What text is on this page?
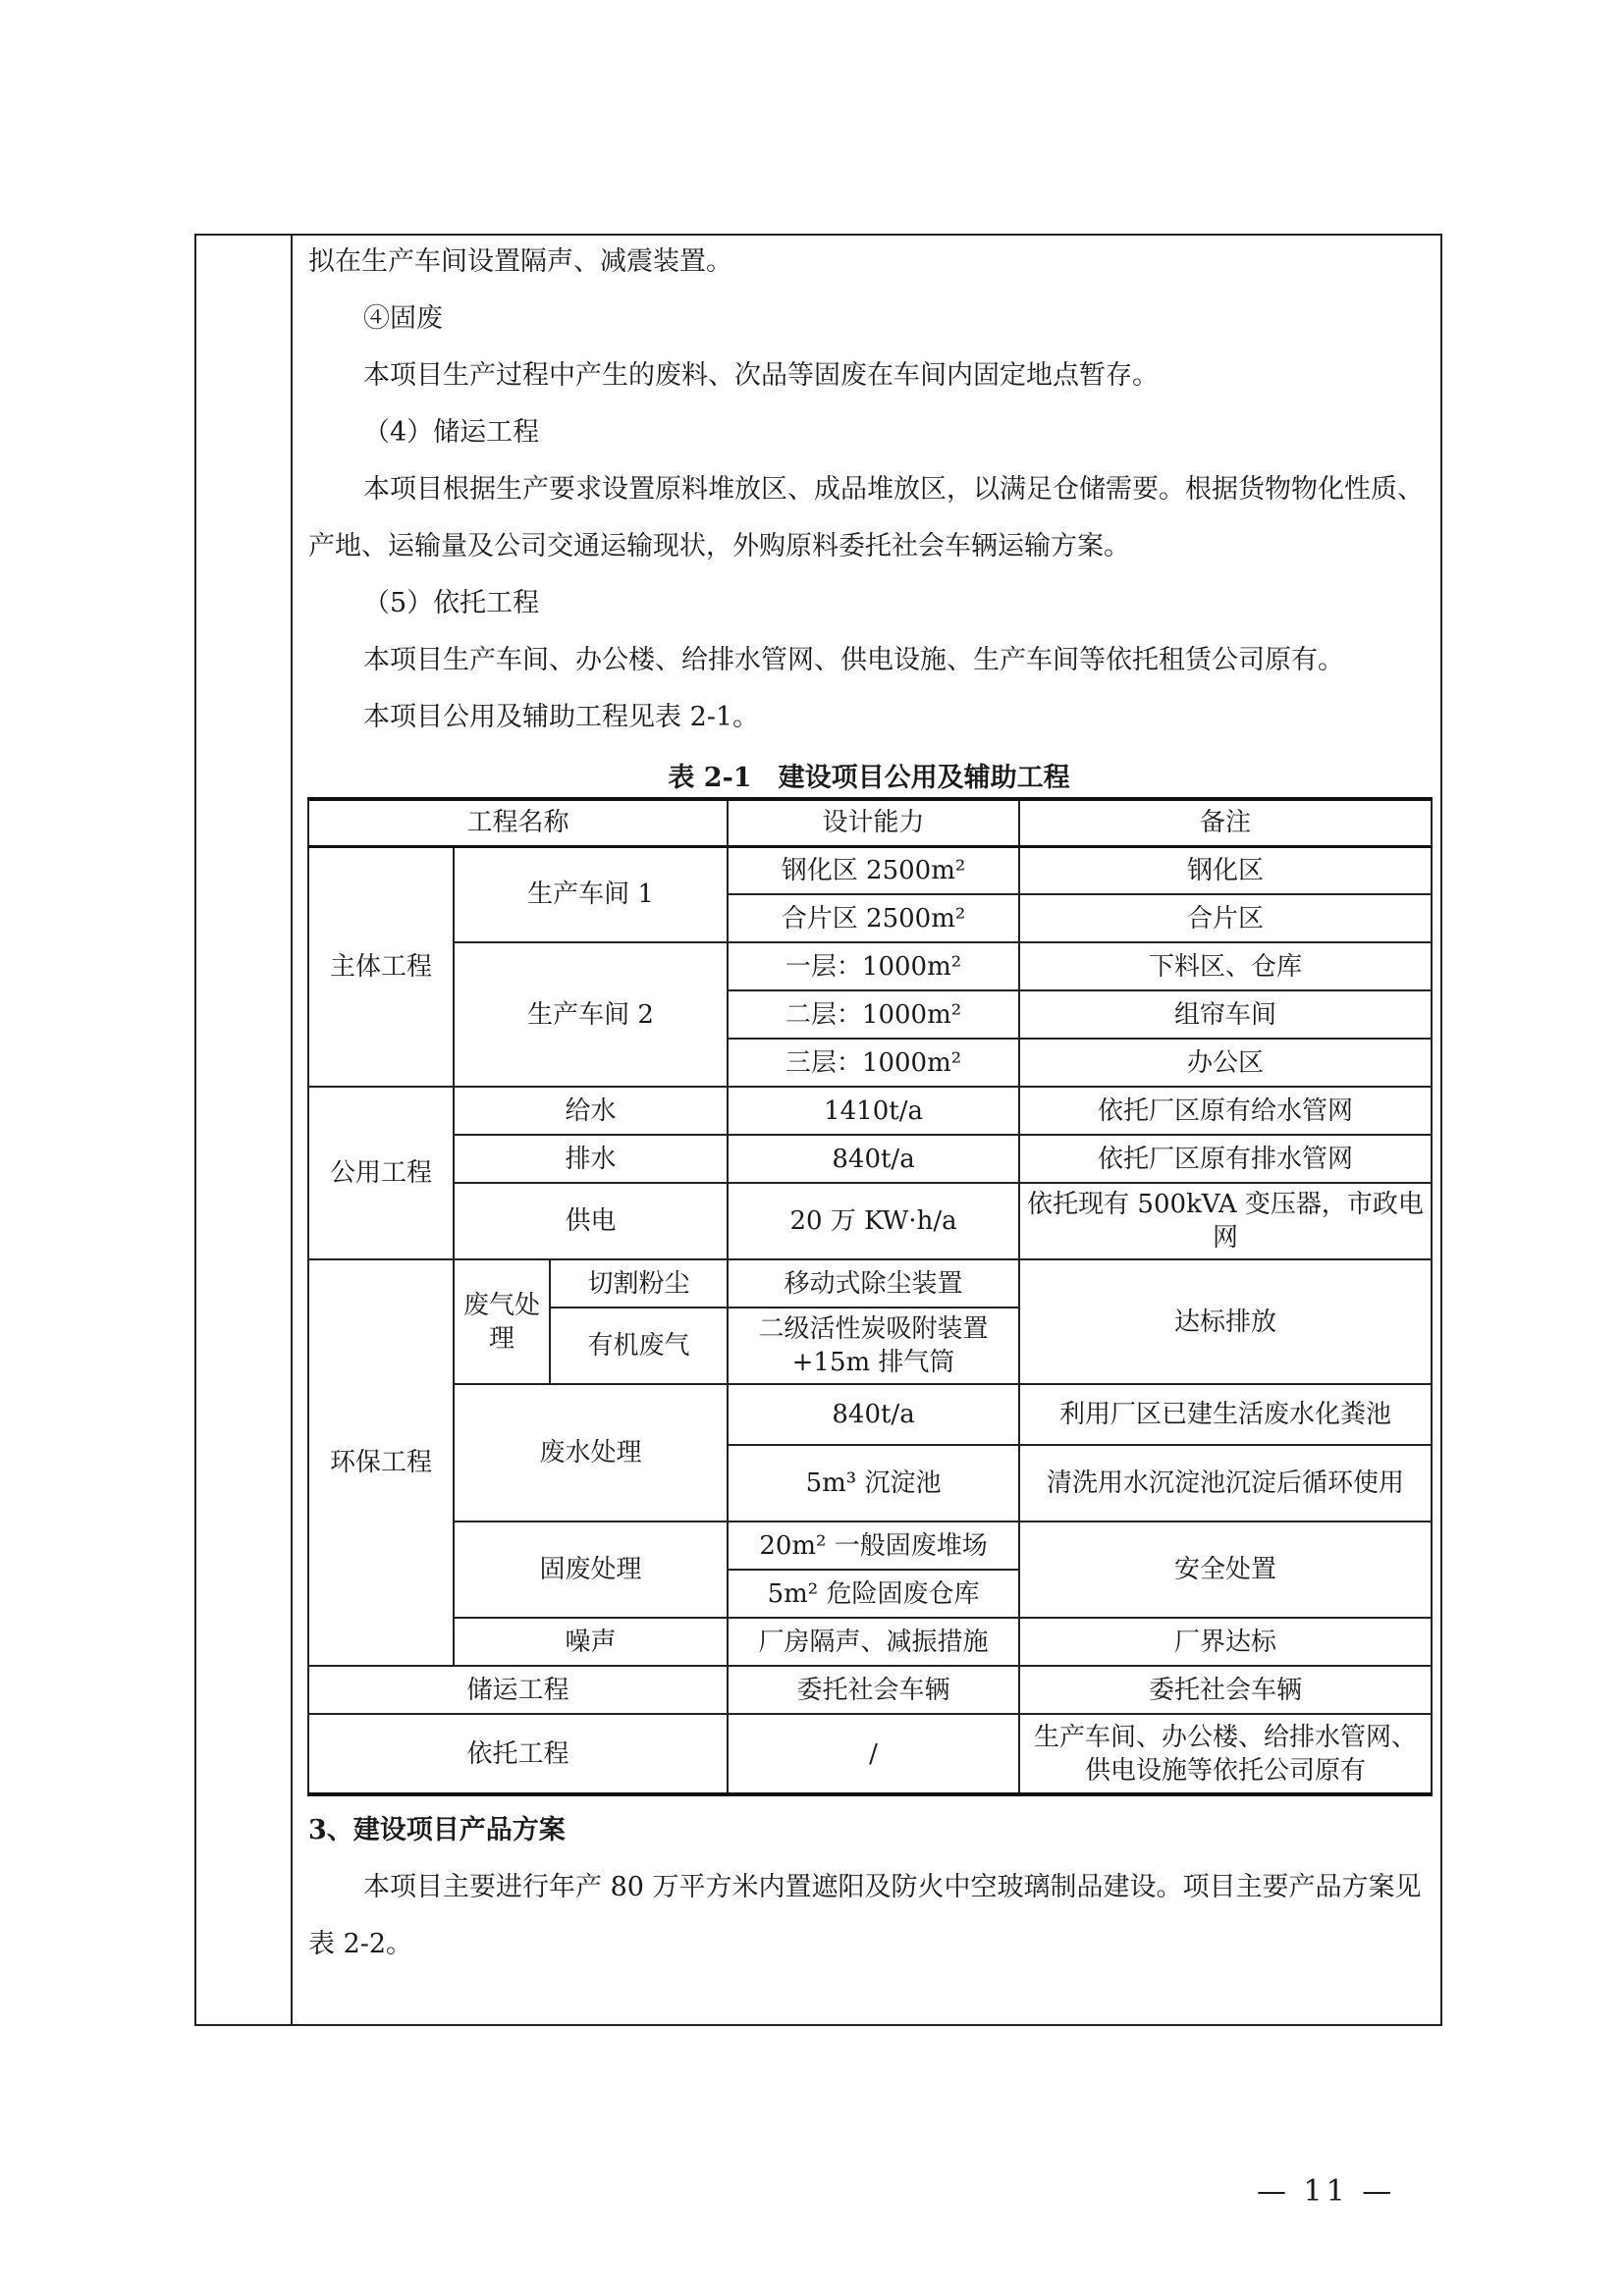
拟在生产车间设置隔声、减震装置。

④固废

本项目生产过程中产生的废料、次品等固废在车间内固定地点暂存。

（4）储运工程

本项目根据生产要求设置原料堆放区、成品堆放区，以满足仓储需要。根据货物物化性质、产地、运输量及公司交通运输现状，外购原料委托社会车辆运输方案。

（5）依托工程

本项目生产车间、办公楼、给排水管网、供电设施、生产车间等依托租赁公司原有。

本项目公用及辅助工程见表 2-1。

表 2-1　建设项目公用及辅助工程
工程名称			设计能力	备注
主体工程	生产车间 1		钢化区 2500m²	钢化区
			合片区 2500m²	合片区
	生产车间 2		一层：1000m²	下料区、仓库
			二层：1000m²	组帘车间
			三层：1000m²	办公区
公用工程	给水		1410t/a	依托厂区原有给水管网
	排水		840t/a	依托厂区原有排水管网
	供电		20 万 KW·h/a	依托现有 500kVA 变压器，市政电网
环保工程	废气处理	切割粉尘	移动式除尘装置	达标排放
		有机废气	二级活性炭吸附装置+15m 排气筒	
	废水处理		840t/a	利用厂区已建生活废水化粪池
			5m³ 沉淀池	清洗用水沉淀池沉淀后循环使用
	固废处理		20m² 一般固废堆场	安全处置
			5m² 危险固废仓库	
	噪声		厂房隔声、减振措施	厂界达标
储运工程			委托社会车辆	委托社会车辆
依托工程			/	生产车间、办公楼、给排水管网、供电设施等依托公司原有

3、建设项目产品方案

本项目主要进行年产 80 万平方米内置遮阳及防火中空玻璃制品建设。项目主要产品方案见表 2-2。

— 11 —
